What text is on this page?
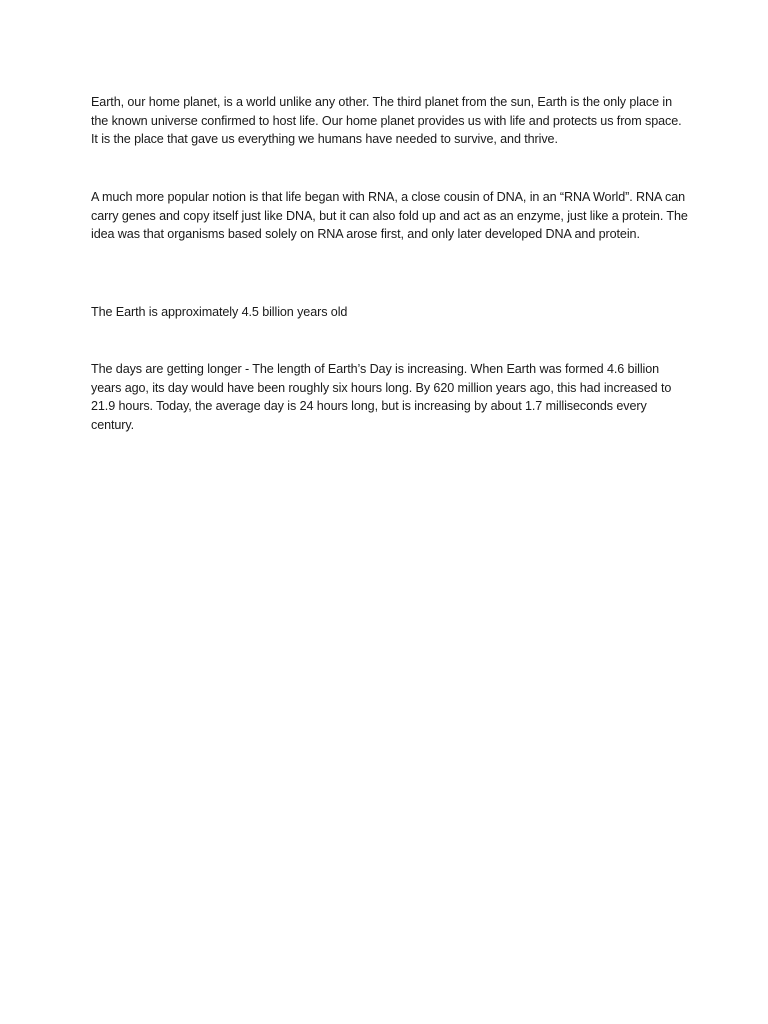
Earth, our home planet, is a world unlike any other. The third planet from the sun, Earth is the only place in the known universe confirmed to host life. Our home planet provides us with life and protects us from space. It is the place that gave us everything we humans have needed to survive, and thrive.

A much more popular notion is that life began with RNA, a close cousin of DNA, in an “RNA World”. RNA can carry genes and copy itself just like DNA, but it can also fold up and act as an enzyme, just like a protein. The idea was that organisms based solely on RNA arose first, and only later developed DNA and protein.

The Earth is approximately 4.5 billion years old

The days are getting longer - The length of Earth’s Day is increasing. When Earth was formed 4.6 billion years ago, its day would have been roughly six hours long. By 620 million years ago, this had increased to 21.9 hours. Today, the average day is 24 hours long, but is increasing by about 1.7 milliseconds every century.
